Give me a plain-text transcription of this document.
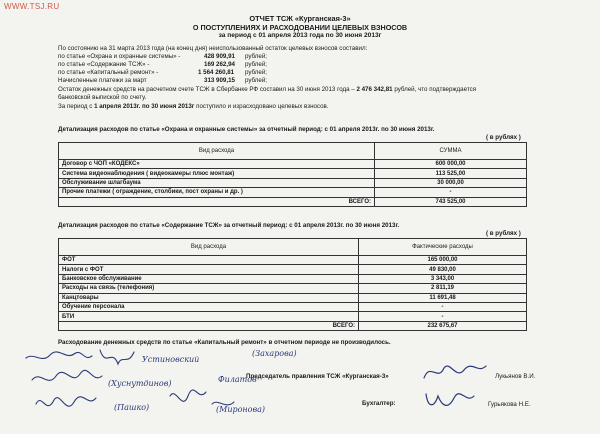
WWW.TSJ.RU
ОТЧЕТ ТСЖ «Курганская-3»
О ПОСТУПЛЕНИЯХ И РАСХОДОВАНИИ ЦЕЛЕВЫХ ВЗНОСОВ
за период с 01 апреля 2013 года по 30 июня 2013г
По состоянию на 31 марта 2013 года (на конец дня) неиспользованный остаток целевых взносов составил:
по статье «Охрана и охранные системы» -	428 909,91 рублей;
по статье «Содержание ТСЖ» -	169 262,94 рублей;
по статье «Капитальный ремонт» -	1 564 260,81 рублей;
Начисленные платежи за март	313 909,15 рублей;
Остаток денежных средств на расчетном счете ТСЖ в Сбербанке РФ составил на 30 июня 2013 года – 2 476 342,81 рублей, что подтверждается
банковской выпиской по счету.
За период с 1 апреля 2013г. по 30 июня 2013г поступило и израсходовано целевых взносов.
Детализация расходов по статье «Охрана и охранные системы» за отчетный период: с 01 апреля 2013г. по 30 июня 2013г.
( в рублях )
Вид расхода	СУММА
Договор с ЧОП «КОДЕКС»	600 000,00
Система видеонаблюдения ( видеокамеры плюс монтаж)	113 525,00
Обслуживание шлагбаума	30 000,00
Прочие платежи ( ограждение, столбики, пост охраны и др. )	-
ВСЕГО:	743 525,00
Детализация расходов по статье «Содержание ТСЖ» за отчетный период: с 01 апреля 2013г. по 30 июня 2013г.
( в рублях )
Вид расхода	Фактические расходы
ФОТ	165 000,00
Налоги с ФОТ	49 830,00
Банковское обслуживание	3 343,00
Расходы на связь (телефония)	2 811,19
Канцтовары	11 691,48
Обучение персонала	-
БТИ	-
ВСЕГО:	232 675,67
Расходование денежных средств по статье «Капитальный ремонт» в отчетном периоде не производилось.
Устиновский
(Хуснутдинов)
(Захарова)
Филатов
(Пашко)	(Миронова)
Председатель правления ТСЖ «Курганская-3»	Лукьянов В.И.
Бухгалтер:	Гурьякова Н.Е.
